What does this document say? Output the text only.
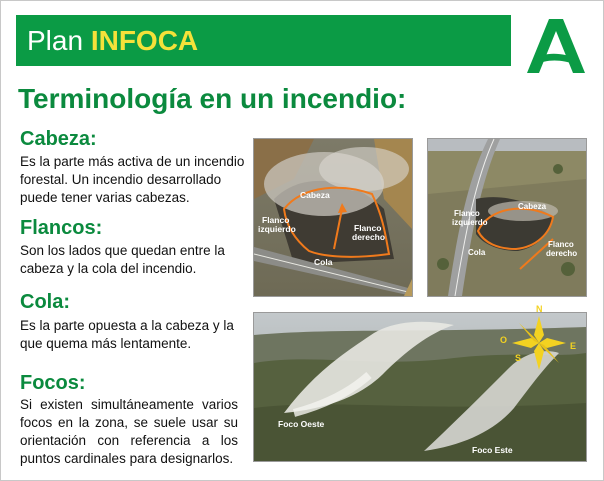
Plan INFOCA
Terminología en un incendio:
Cabeza:

Es la parte más activa de un incendio forestal. Un incendio desarrollado puede tener varias cabezas.

Flancos:

Son los lados que quedan entre la cabeza y la cola del incendio.

Cola:

Es la parte opuesta a la cabeza y la que quema más lentamente.

Focos:

Si existen simultáneamente varios focos en la zona, se suele usar su orientación con referencia a los puntos cardinales para designarlos.

Cabeza
Flanco
izquierdo	Flanco
derecho
Cola
Cabeza
Flanco
izquierdo
Flanco
derecho
Cola
N
S
E
O
Foco Oeste
Foco Este
